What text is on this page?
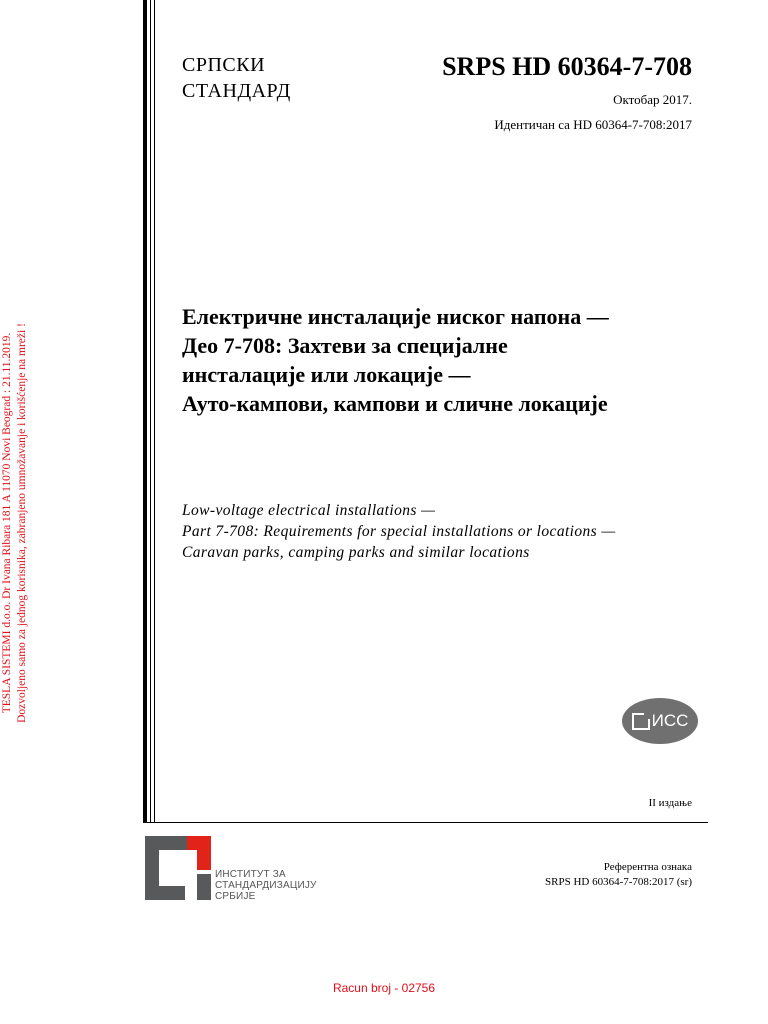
TESLA SISTEMI d.o.o. Dr Ivana Ribara 181 A 11070 Novi Beograd : 21.11.2019. Dozvoljeno samo za jednog korisnika, zabranjeno umnožavanje i korišćenje na mreži !
СРПСКИ
СТАНДАРД
SRPS HD 60364-7-708
Октобар 2017.
Идентичан са HD 60364-7-708:2017
Електричне инсталације ниског напона —
Део 7-708: Захтеви за специјалне
инсталације или локације —
Ауто-кампови, кампови и сличне локације
Low-voltage electrical installations —
Part 7-708: Requirements for special installations or locations —
Caravan parks, camping parks and similar locations
ИСС
II издање
ИНСТИТУТ ЗА
СТАНДАРДИЗАЦИЈУ
СРБИЈЕ
Референтна ознака
SRPS HD 60364-7-708:2017 (sr)
Racun broj - 02756
